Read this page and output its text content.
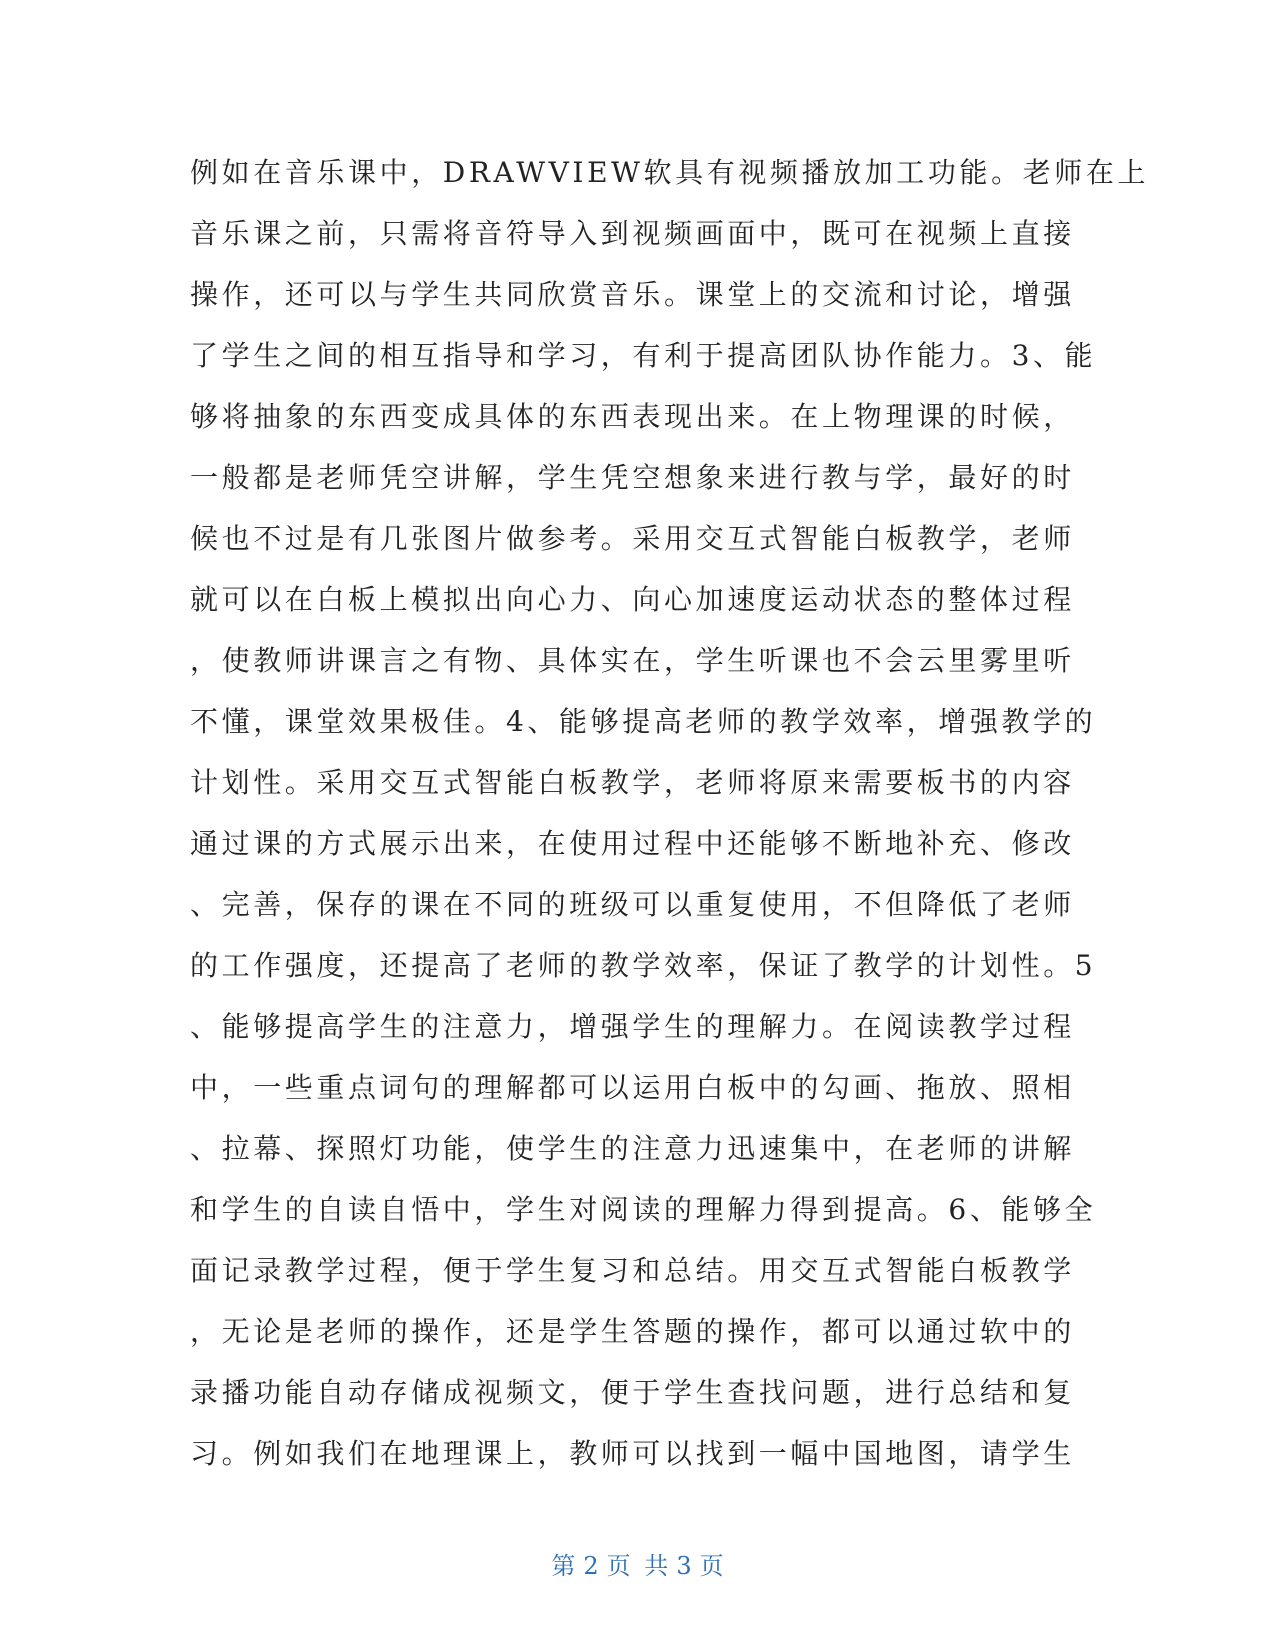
例如在音乐课中，DRAWVIEW软具有视频播放加工功能。老师在上
音乐课之前，只需将音符导入到视频画面中，既可在视频上直接
操作，还可以与学生共同欣赏音乐。课堂上的交流和讨论，增强
了学生之间的相互指导和学习，有利于提高团队协作能力。3、能
够将抽象的东西变成具体的东西表现出来。在上物理课的时候，
一般都是老师凭空讲解，学生凭空想象来进行教与学，最好的时
候也不过是有几张图片做参考。采用交互式智能白板教学，老师
就可以在白板上模拟出向心力、向心加速度运动状态的整体过程
，使教师讲课言之有物、具体实在，学生听课也不会云里雾里听
不懂，课堂效果极佳。4、能够提高老师的教学效率，增强教学的
计划性。采用交互式智能白板教学，老师将原来需要板书的内容
通过课的方式展示出来，在使用过程中还能够不断地补充、修改
、完善，保存的课在不同的班级可以重复使用，不但降低了老师
的工作强度，还提高了老师的教学效率，保证了教学的计划性。5
、能够提高学生的注意力，增强学生的理解力。在阅读教学过程
中，一些重点词句的理解都可以运用白板中的勾画、拖放、照相
、拉幕、探照灯功能，使学生的注意力迅速集中，在老师的讲解
和学生的自读自悟中，学生对阅读的理解力得到提高。6、能够全
面记录教学过程，便于学生复习和总结。用交互式智能白板教学
，无论是老师的操作，还是学生答题的操作，都可以通过软中的
录播功能自动存储成视频文，便于学生查找问题，进行总结和复
习。例如我们在地理课上，教师可以找到一幅中国地图，请学生
第 2 页 共 3 页
